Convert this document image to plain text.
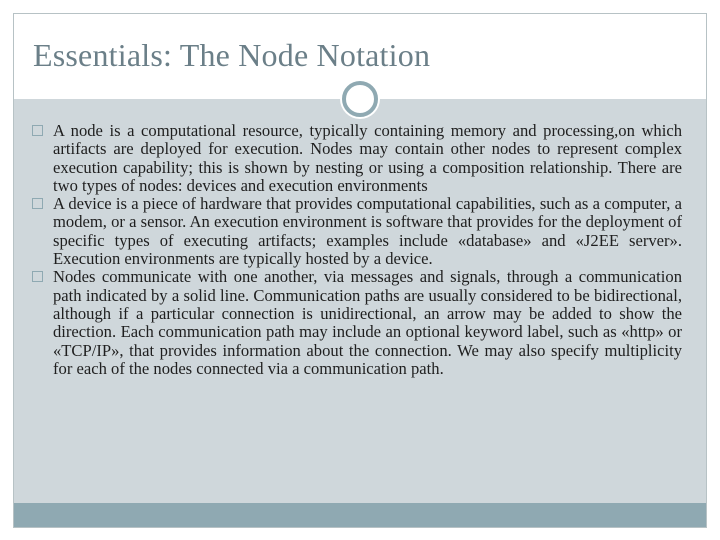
Essentials: The Node Notation
A node is a computational resource, typically containing memory and processing,on which artifacts are deployed for execution. Nodes may contain other nodes to represent complex execution capability; this is shown by nesting or using a composition relationship. There are two types of nodes: devices and execution environments
A device is a piece of hardware that provides computational capabilities, such as a computer, a modem, or a sensor. An execution environment is software that provides for the deployment of specific types of executing artifacts; examples include «database» and «J2EE server». Execution environments are typically hosted by a device.
Nodes communicate with one another, via messages and signals, through a communication path indicated by a solid line. Communication paths are usually considered to be bidirectional, although if a particular connection is unidirectional, an arrow may be added to show the direction. Each communication path may include an optional keyword label, such as «http» or «TCP/IP», that provides information about the connection. We may also specify multiplicity for each of the nodes connected via a communication path.
